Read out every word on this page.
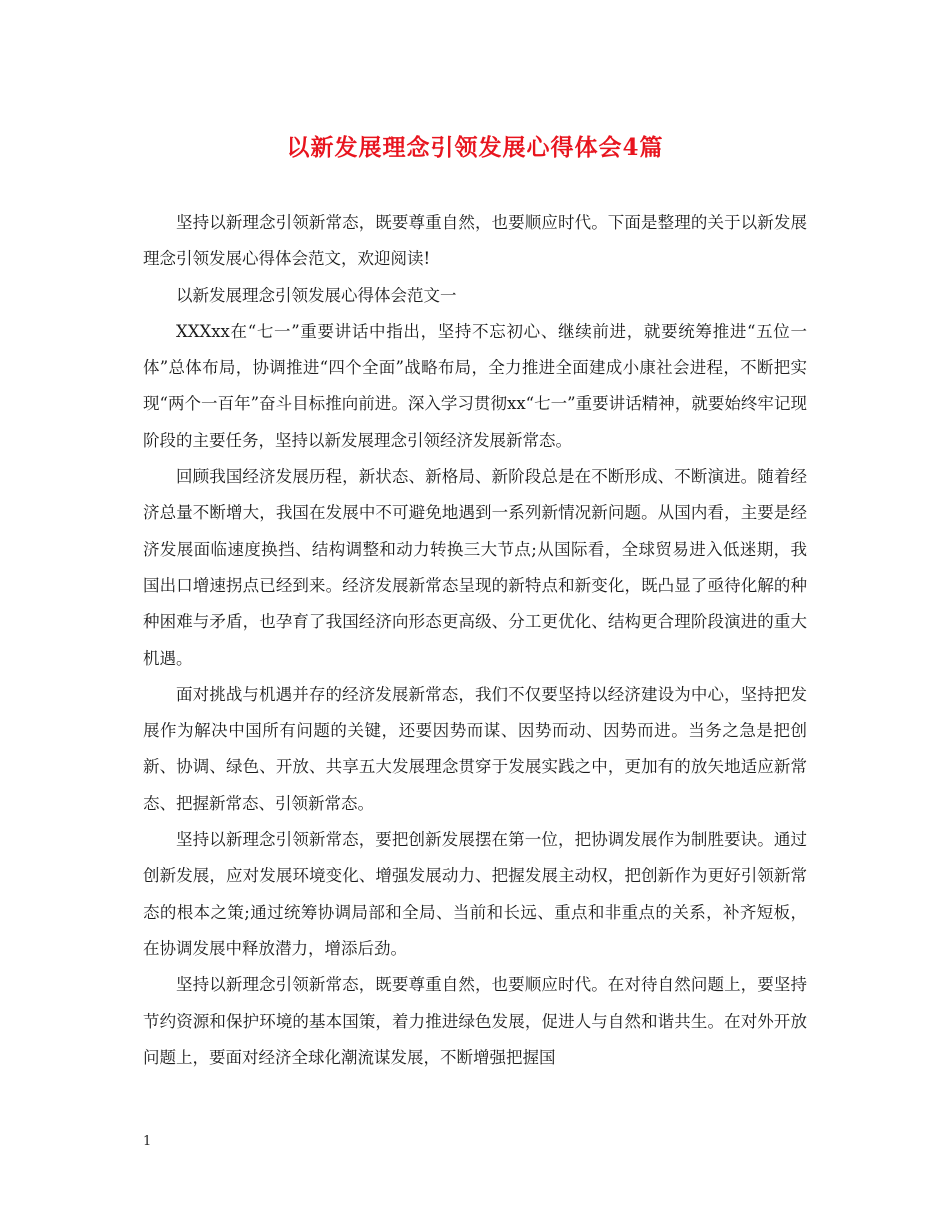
以新发展理念引领发展心得体会4篇

坚持以新理念引领新常态，既要尊重自然，也要顺应时代。下面是整理的关于以新发展理念引领发展心得体会范文，欢迎阅读!

以新发展理念引领发展心得体会范文一

XXXxx在“七一”重要讲话中指出，坚持不忘初心、继续前进，就要统筹推进“五位一体”总体布局，协调推进“四个全面”战略布局，全力推进全面建成小康社会进程，不断把实现“两个一百年”奋斗目标推向前进。深入学习贯彻xx“七一”重要讲话精神，就要始终牢记现阶段的主要任务，坚持以新发展理念引领经济发展新常态。

回顾我国经济发展历程，新状态、新格局、新阶段总是在不断形成、不断演进。随着经济总量不断增大，我国在发展中不可避免地遇到一系列新情况新问题。从国内看，主要是经济发展面临速度换挡、结构调整和动力转换三大节点;从国际看，全球贸易进入低迷期，我国出口增速拐点已经到来。经济发展新常态呈现的新特点和新变化，既凸显了亟待化解的种种困难与矛盾，也孕育了我国经济向形态更高级、分工更优化、结构更合理阶段演进的重大机遇。

面对挑战与机遇并存的经济发展新常态，我们不仅要坚持以经济建设为中心，坚持把发展作为解决中国所有问题的关键，还要因势而谋、因势而动、因势而进。当务之急是把创新、协调、绿色、开放、共享五大发展理念贯穿于发展实践之中，更加有的放矢地适应新常态、把握新常态、引领新常态。

坚持以新理念引领新常态，要把创新发展摆在第一位，把协调发展作为制胜要诀。通过创新发展，应对发展环境变化、增强发展动力、把握发展主动权，把创新作为更好引领新常态的根本之策;通过统筹协调局部和全局、当前和长远、重点和非重点的关系，补齐短板，在协调发展中释放潜力，增添后劲。

坚持以新理念引领新常态，既要尊重自然，也要顺应时代。在对待自然问题上，要坚持节约资源和保护环境的基本国策，着力推进绿色发展，促进人与自然和谐共生。在对外开放问题上，要面对经济全球化潮流谋发展，不断增强把握国

1
